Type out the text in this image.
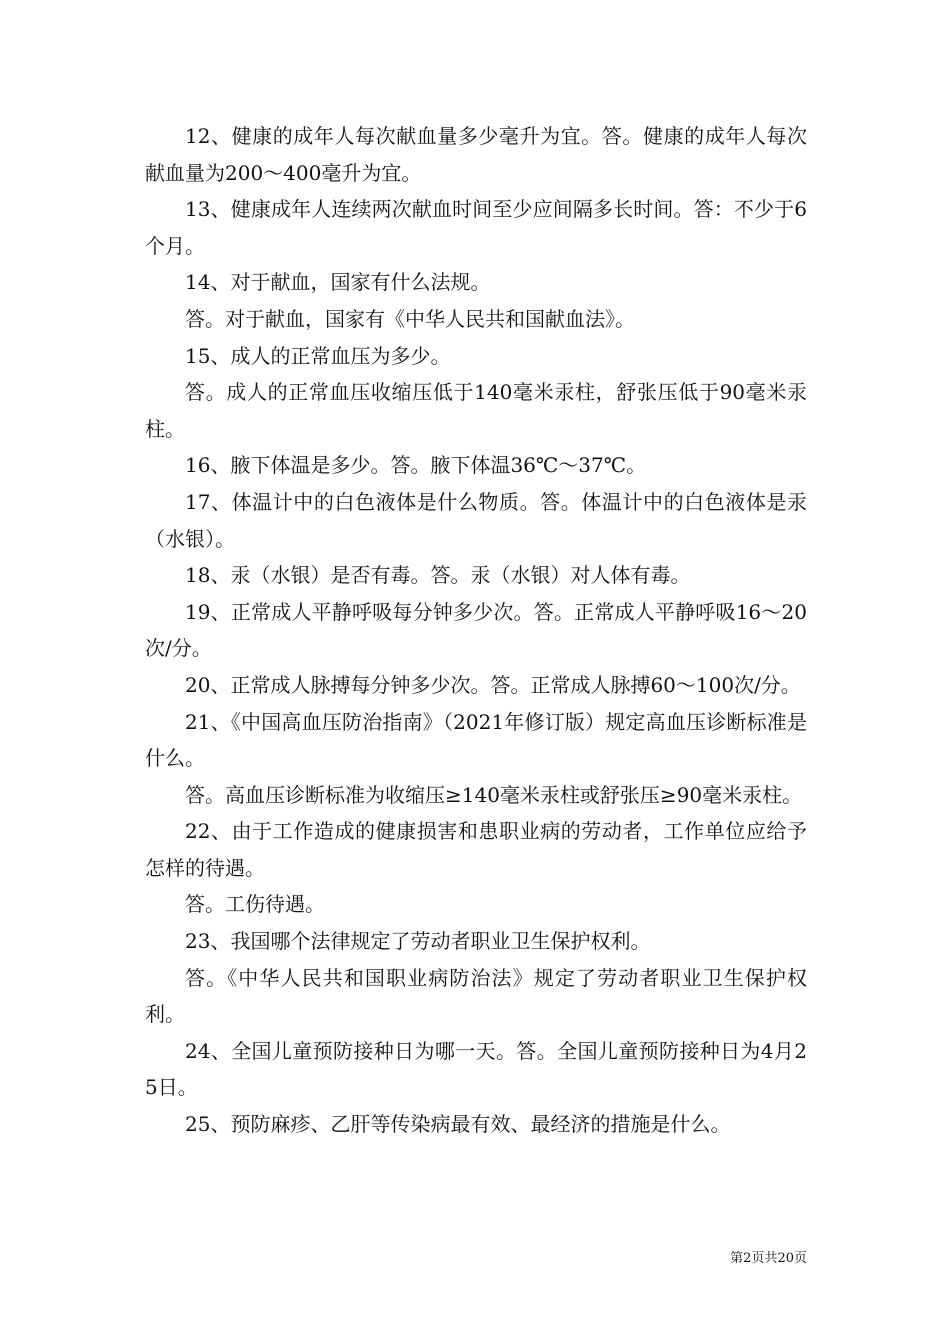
12、健康的成年人每次献血量多少毫升为宜。答。健康的成年人每次献血量为200～400毫升为宜。

13、健康成年人连续两次献血时间至少应间隔多长时间。答：不少于6个月。

14、对于献血，国家有什么法规。

答。对于献血，国家有《中华人民共和国献血法》。

15、成人的正常血压为多少。

答。成人的正常血压收缩压低于140毫米汞柱，舒张压低于90毫米汞柱。

16、腋下体温是多少。答。腋下体温36℃～37℃。

17、体温计中的白色液体是什么物质。答。体温计中的白色液体是汞（水银）。

18、汞（水银）是否有毒。答。汞（水银）对人体有毒。

19、正常成人平静呼吸每分钟多少次。答。正常成人平静呼吸16～20次/分。

20、正常成人脉搏每分钟多少次。答。正常成人脉搏60～100次/分。

21、《中国高血压防治指南》（2021年修订版）规定高血压诊断标准是什么。

答。高血压诊断标准为收缩压≥140毫米汞柱或舒张压≥90毫米汞柱。

22、由于工作造成的健康损害和患职业病的劳动者，工作单位应给予怎样的待遇。

答。工伤待遇。

23、我国哪个法律规定了劳动者职业卫生保护权利。

答。《中华人民共和国职业病防治法》规定了劳动者职业卫生保护权利。

24、全国儿童预防接种日为哪一天。答。全国儿童预防接种日为4月25日。

25、预防麻疹、乙肝等传染病最有效、最经济的措施是什么。

第2页共20页
